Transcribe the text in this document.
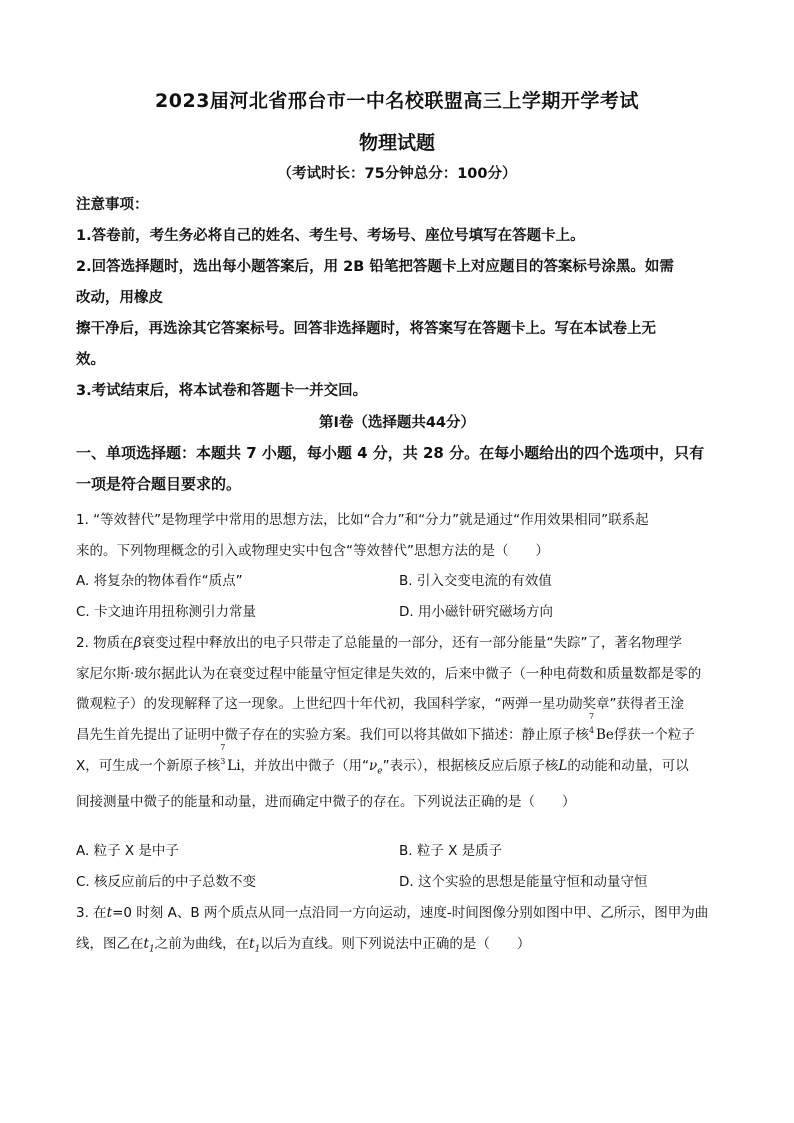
2023届河北省邢台市一中名校联盟高三上学期开学考试
物理试题
（考试时长：75分钟总分：100分）

注意事项：

1.答卷前，考生务必将自己的姓名、考生号、考场号、座位号填写在答题卡上。

2.回答选择题时，选出每小题答案后，用 2B 铅笔把答题卡上对应题目的答案标号涂黑。如需

改动，用橡皮

擦干净后，再选涂其它答案标号。回答非选择题时，将答案写在答题卡上。写在本试卷上无

效。

3.考试结束后，将本试卷和答题卡一并交回。

第I卷（选择题共44分）
一、单项选择题：本题共 7 小题，每小题 4 分，共 28 分。在每小题给出的四个选项中，只有
一项是符合题目要求的。

1. “等效替代”是物理学中常用的思想方法，比如“合力”和“分力”就是通过“作用效果相同”联系起

来的。下列物理概念的引入或物理史实中包含“等效替代”思想方法的是（　　）

A. 将复杂的物体看作“质点”	B. 引入交变电流的有效值
C. 卡文迪许用扭称测引力常量	D. 用小磁针研究磁场方向

2. 物质在β衰变过程中释放出的电子只带走了总能量的一部分，还有一部分能量“失踪”了，著名物理学

家尼尔斯·玻尔据此认为在衰变过程中能量守恒定律是失效的，后来中微子（一种电荷数和质量数都是零的

微观粒子）的发现解释了这一现象。上世纪四十年代初，我国科学家，“两弹一星功勋奖章”获得者王淦

昌先生首先提出了证明中微子存在的实验方案。我们可以将其做如下描述：静止原子核
7
4 Be俘获一个粒子

X，可生成一个新原子核
7
3 Li，并放出中微子（用“$\nu_e$”表示），根据核反应后原子核L的动能和动量，可以

间接测量中微子的能量和动量，进而确定中微子的存在。下列说法正确的是（　　）

A. 粒子 X 是中子	B. 粒子 X 是质子
C. 核反应前后的中子总数不变	D. 这个实验的思想是能量守恒和动量守恒

3. 在t=0 时刻 A、B 两个质点从同一点沿同一方向运动，速度-时间图像分别如图中甲、乙所示，图甲为曲

线，图乙在$t_1$之前为曲线，在$t_1$以后为直线。则下列说法中正确的是（　　）
